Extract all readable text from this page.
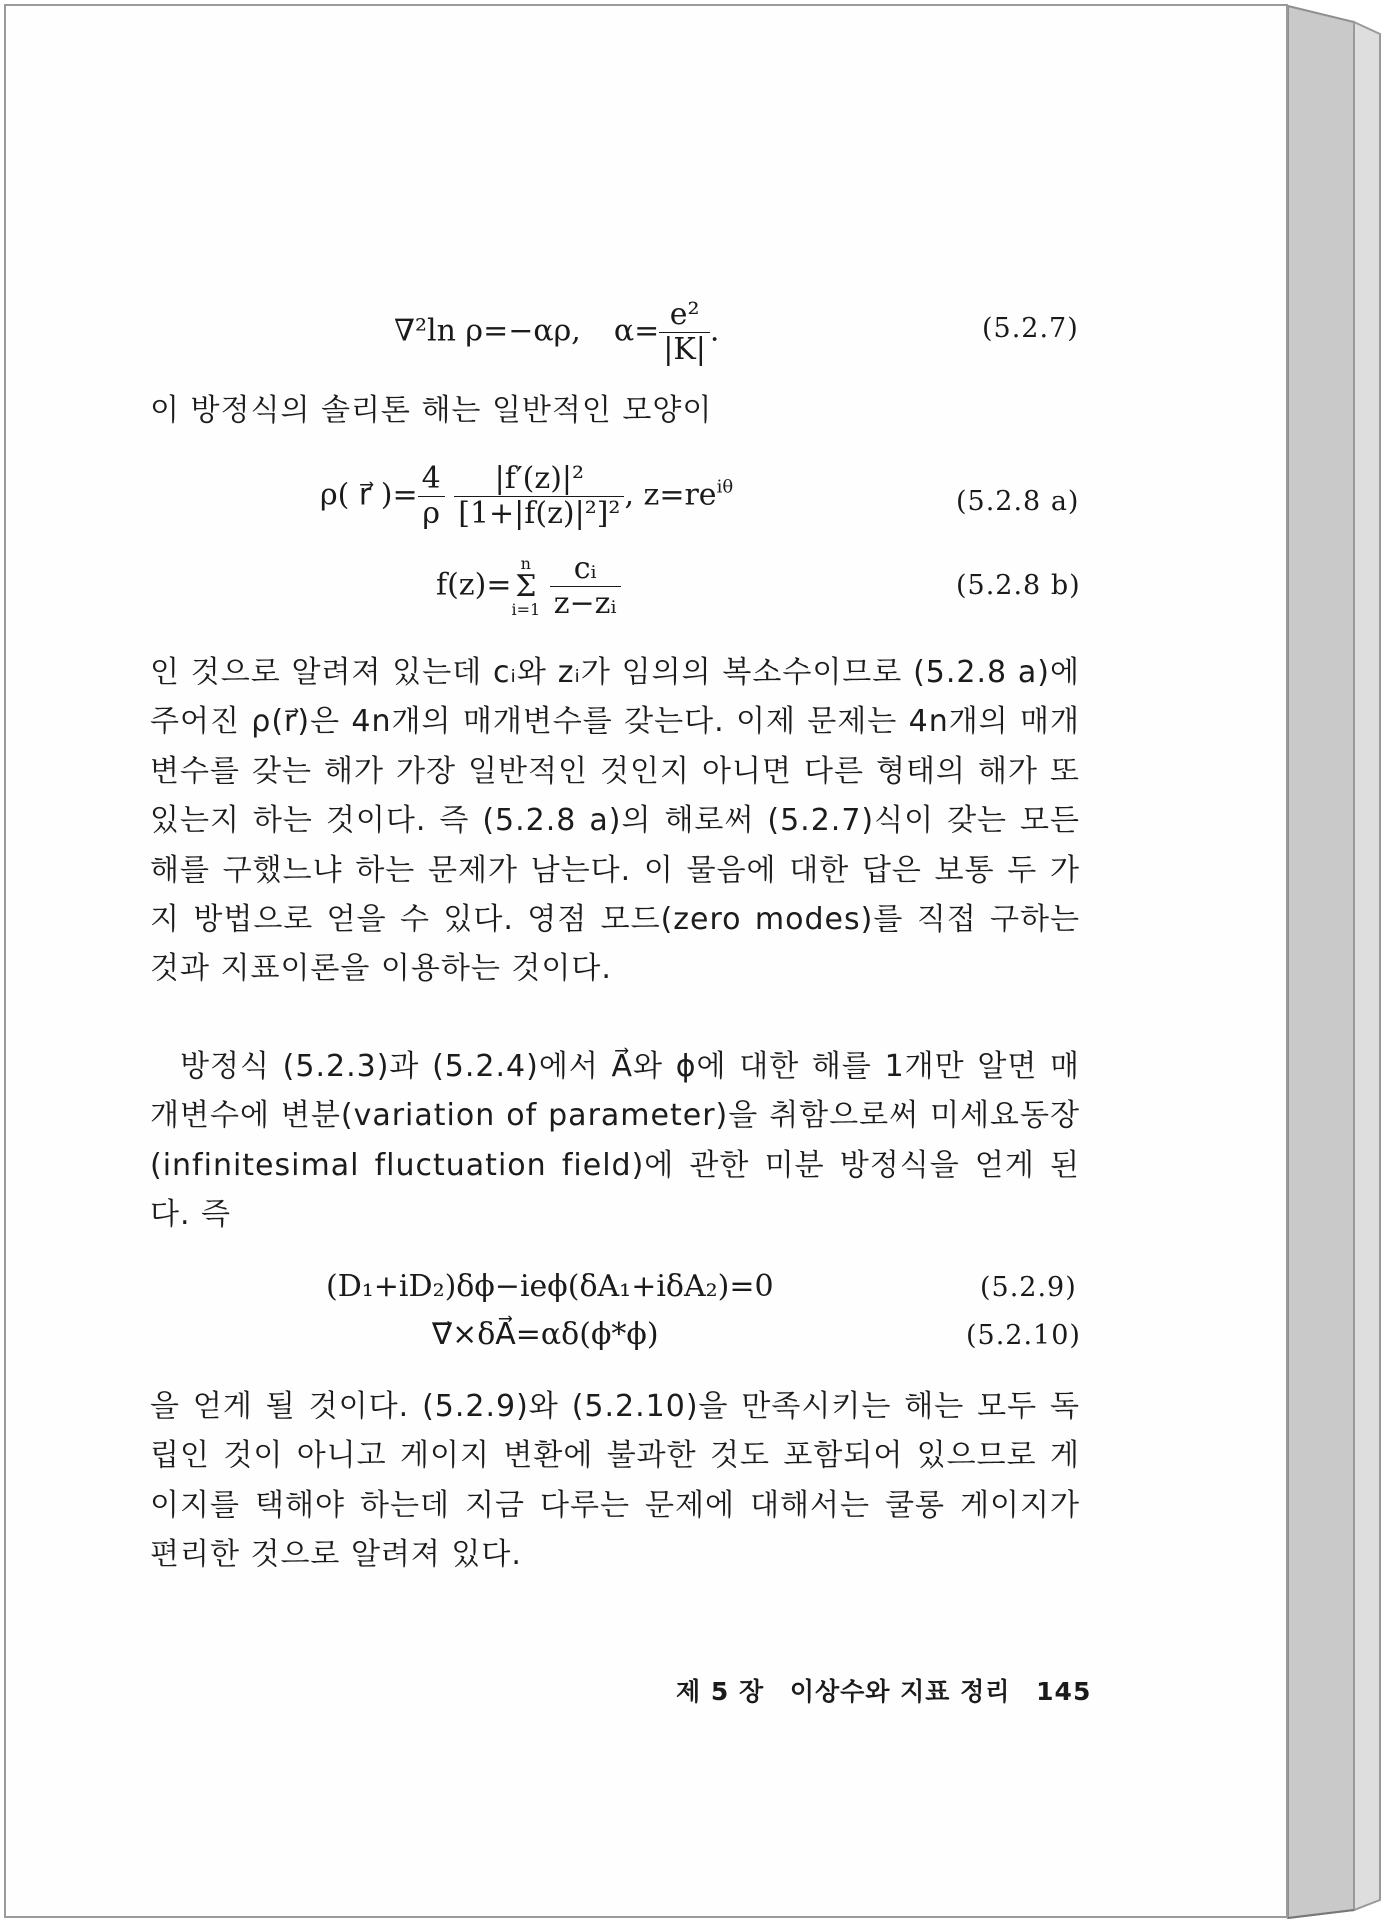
∇²ln ρ=−αρ, $\alpha= \frac{\text{e²}}{|K|}$ .	(5.2.7)

이 방정식의 솔리톤 해는 일반적인 모양이

ρ( r⃗ )= $\frac{4}{\rho}$
$\frac{\text{|f′(z)|²}}{\text{[1+|f(z)|²]²}}$ , $z=re^{i\theta}$	(5.2.8 a)
f(z)=
n
Σ
i=1
$\frac{\text{cᵢ}}{\text{z−zᵢ}}$	(5.2.8 b)

인 것으로 알려져 있는데 cᵢ와 zᵢ가 임의의 복소수이므로 (5.2.8 a)에 주어진 ρ(r⃗)은 4n개의 매개변수를 갖는다. 이제 문제는 4n개의 매개변수를 갖는 해가 가장 일반적인 것인지 아니면 다른 형태의 해가 또 있는지 하는 것이다. 즉 (5.2.8 a)의 해로써 (5.2.7)식이 갖는 모든 해를 구했느냐 하는 문제가 남는다. 이 물음에 대한 답은 보통 두 가지 방법으로 얻을 수 있다. 영점 모드(zero modes)를 직접 구하는 것과 지표이론을 이용하는 것이다.

방정식 (5.2.3)과 (5.2.4)에서 A⃗와 ϕ에 대한 해를 1개만 알면 매개변수에 변분(variation of parameter)을 취함으로써 미세요동장(infinitesimal fluctuation field)에 관한 미분 방정식을 얻게 된다. 즉

(D₁+iD₂)δϕ−ieϕ(δA₁+iδA₂)=0	(5.2.9)
∇⃗×δA⃗=αδ(ϕ*ϕ)	(5.2.10)

을 얻게 될 것이다. (5.2.9)와 (5.2.10)을 만족시키는 해는 모두 독립인 것이 아니고 게이지 변환에 불과한 것도 포함되어 있으므로 게이지를 택해야 하는데 지금 다루는 문제에 대해서는 쿨롱 게이지가 편리한 것으로 알려져 있다.

제 5 장 이상수와 지표 정리 145
